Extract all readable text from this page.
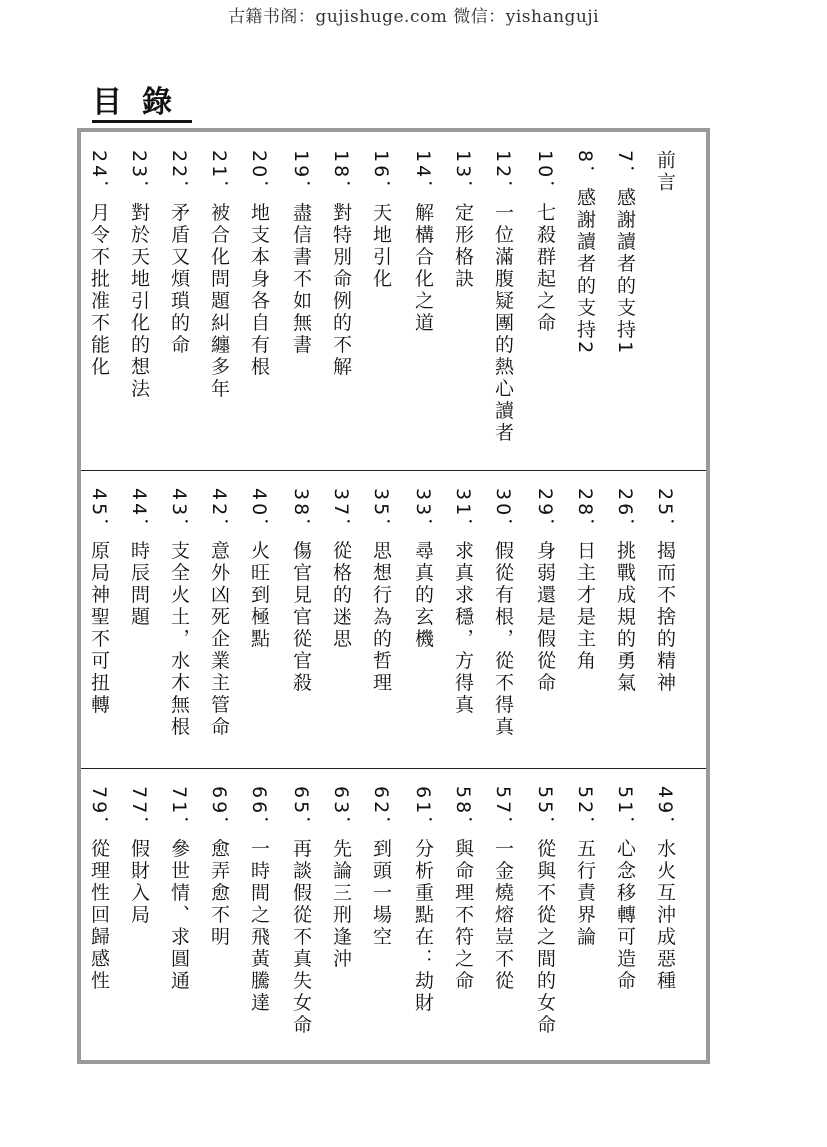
古籍书阁：gujishuge.com 微信：yishanguji
目錄
前言
7．感謝讀者的支持1
8．感謝讀者的支持2
10．七殺群起之命
12．一位滿腹疑團的熱心讀者
13．定形格訣
14．解構合化之道
16．天地引化
18．對特別命例的不解
19．盡信書不如無書
20．地支本身各自有根
21．被合化問題糾纏多年
22．矛盾又煩瑣的命
23．對於天地引化的想法
24．月令不批准不能化
25．揭而不捨的精神
26．挑戰成規的勇氣
28．日主才是主角
29．身弱還是假從命
30．假從有根，從不得真
31．求真求穩，方得真
33．尋真的玄機
35．思想行為的哲理
37．從格的迷思
38．傷官見官從官殺
40．火旺到極點
42．意外凶死企業主管命
43．支全火土，水木無根
44．時辰問題
45．原局神聖不可扭轉
49．水火互沖成惡種
51．心念移轉可造命
52．五行責界論
55．從與不從之間的女命
57．一金燒熔豈不從
58．與命理不符之命
61．分析重點在：劫財
62．到頭一場空
63．先論三刑逢沖
65．再談假從不真失女命
66．一時間之飛黃騰達
69．愈弄愈不明
71．參世情、求圓通
77．假財入局
79．從理性回歸感性
